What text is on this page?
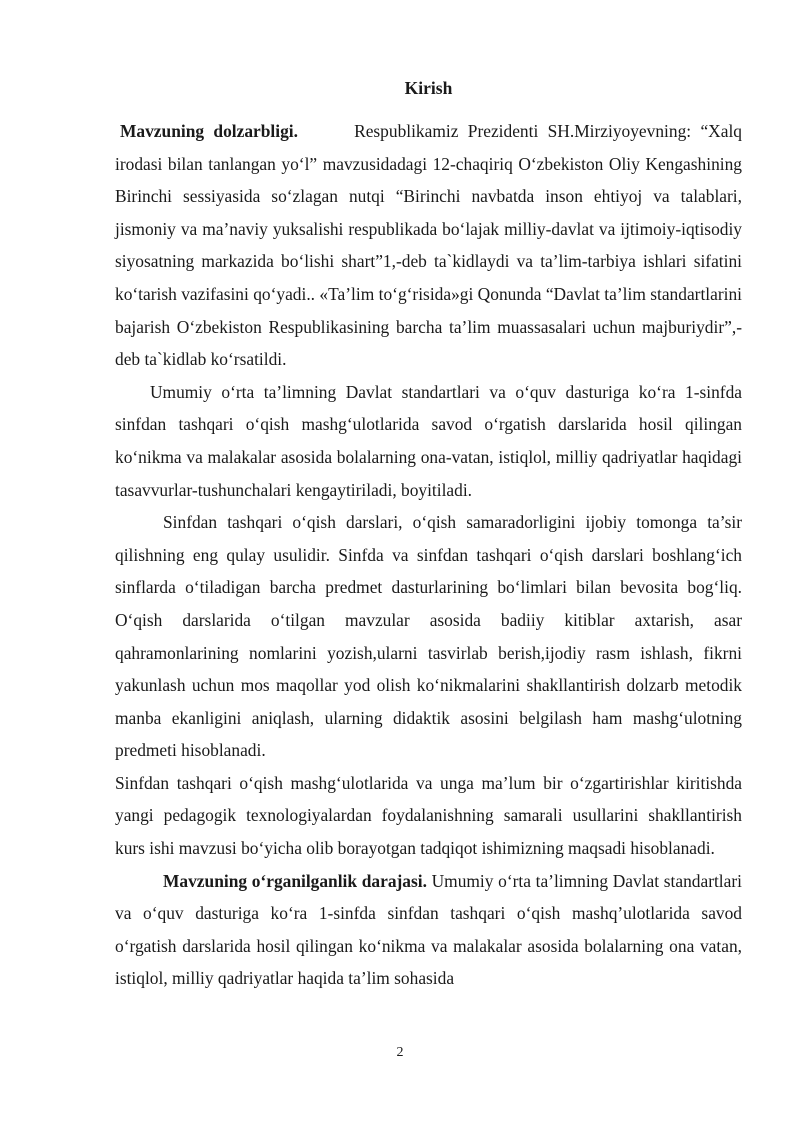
Kirish

Mavzuning dolzarbligi.	Respublikamiz Prezidenti SH.Mirziyoyevning: “Xalq irodasi bilan tanlangan yo‘l” mavzusidadagi 12-chaqiriq O‘zbekiston Oliy Kengashining Birinchi sessiyasida so‘zlagan nutqi “Birinchi navbatda inson ehtiyoj va talablari, jismoniy va ma’naviy yuksalishi respublikada bo‘lajak milliy-davlat va ijtimoiy-iqtisodiy siyosatning markazida bo‘lishi shart”1,-deb ta`kidlaydi va ta’lim-tarbiya ishlari sifatini ko‘tarish vazifasini qo‘yadi.. «Ta’lim to‘g‘risida»gi Qonunda “Davlat ta’lim standartlarini bajarish O‘zbekiston Respublikasining barcha ta’lim muassasalari uchun majburiydir”,- deb ta`kidlab ko‘rsatildi.

Umumiy o‘rta ta’limning Davlat standartlari va o‘quv dasturiga ko‘ra 1-sinfda sinfdan tashqari o‘qish mashg‘ulotlarida savod o‘rgatish darslarida hosil qilingan ko‘nikma va malakalar asosida bolalarning ona-vatan, istiqlol, milliy qadriyatlar haqidagi tasavvurlar-tushunchalari kengaytiriladi, boyitiladi.

Sinfdan tashqari o‘qish darslari, o‘qish samaradorligini ijobiy tomonga ta’sir qilishning eng qulay usulidir. Sinfda va sinfdan tashqari o‘qish darslari boshlang‘ich sinflarda o‘tiladigan barcha predmet dasturlarining bo‘limlari bilan bevosita bog‘liq. O‘qish darslarida o‘tilgan mavzular asosida badiiy kitiblar axtarish, asar qahramonlarining nomlarini yozish,ularni tasvirlab berish,ijodiy rasm ishlash, fikrni yakunlash uchun mos maqollar yod olish ko‘nikmalarini shakllantirish dolzarb metodik manba ekanligini aniqlash, ularning didaktik asosini belgilash ham mashg‘ulotning predmeti hisoblanadi.

Sinfdan tashqari o‘qish mashg‘ulotlarida va unga ma’lum bir o‘zgartirishlar kiritishda yangi pedagogik texnologiyalardan foydalanishning samarali usullarini shakllantirish kurs ishi mavzusi bo‘yicha olib borayotgan tadqiqot ishimizning maqsadi hisoblanadi.

Mavzuning o‘rganilganlik darajasi. Umumiy o‘rta ta’limning Davlat standartlari va o‘quv dasturiga ko‘ra 1-sinfda sinfdan tashqari o‘qish mashq’ulotlarida savod o‘rgatish darslarida hosil qilingan ko‘nikma va malakalar asosida bolalarning ona vatan, istiqlol, milliy qadriyatlar haqida ta’lim sohasida

2
